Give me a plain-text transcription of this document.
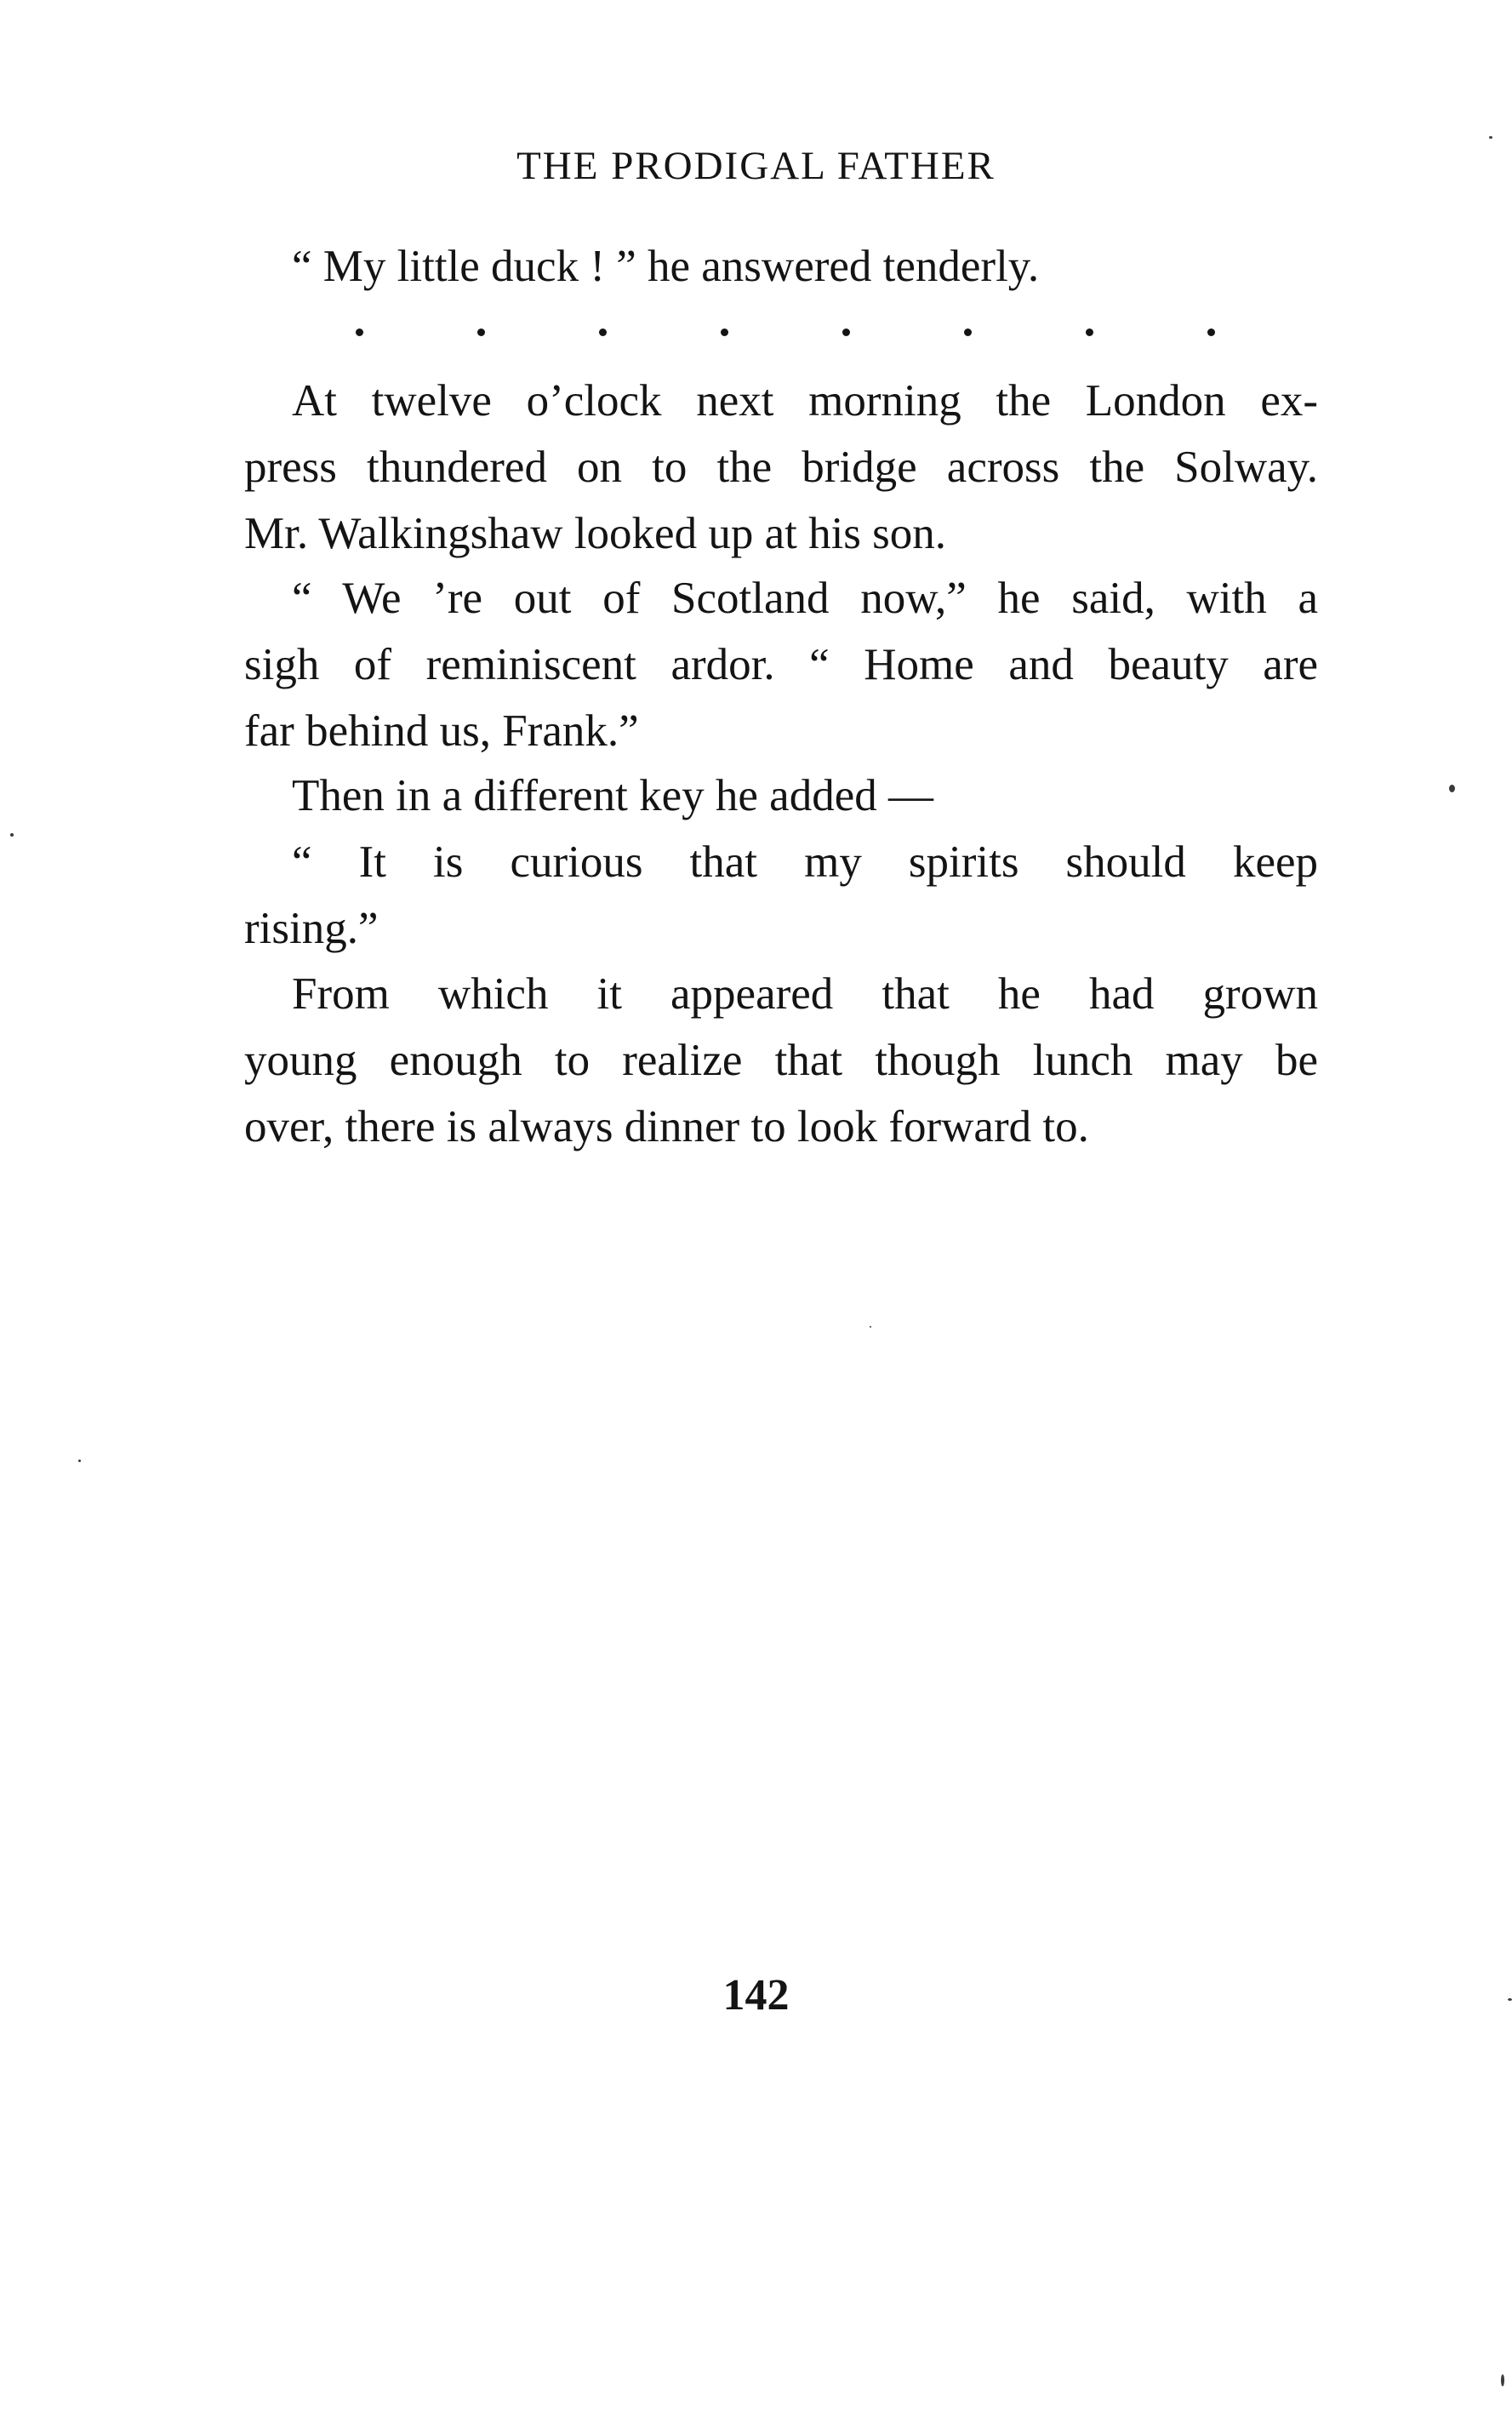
THE PRODIGAL FATHER
“ My little duck ! ” he answered tenderly.
At twelve o’clock next morning the London ex-
press thundered on to the bridge across the Solway.
Mr. Walkingshaw looked up at his son.
“ We ’re out of Scotland now,” he said, with a
sigh of reminiscent ardor. “ Home and beauty are
far behind us, Frank.”
Then in a different key he added —
“ It is curious that my spirits should keep
rising.”
From which it appeared that he had grown
young enough to realize that though lunch may be
over, there is always dinner to look forward to.
142
